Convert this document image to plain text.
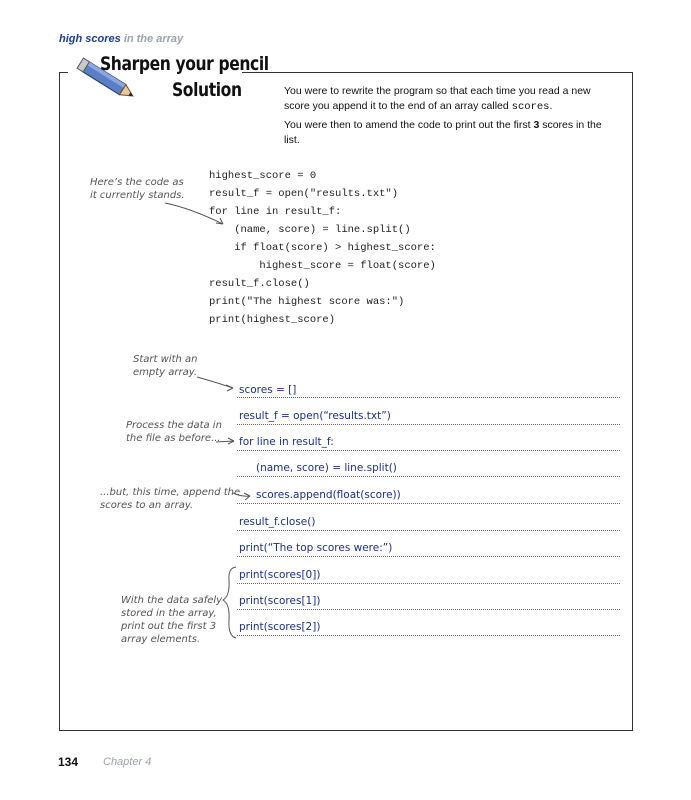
high scores in the array
Sharpen your pencil
Solution	You were to rewrite the program so that each time you read a new score you append it to the end of an array called scores.
You were then to amend the code to print out the first 3 scores in the list.
Here’s the code as
it currently stands.
highest_score = 0
result_f = open("results.txt")
for line in result_f:
(name, score) = line.split()
if float(score) > highest_score:
highest_score = float(score)
result_f.close()
print("The highest score was:")
print(highest_score)
Start with an
empty array.
Process the data in
the file as before...
...but, this time, append the
scores to an array.
With the data safely
stored in the array,
print out the first 3
array elements.
scores = []
result_f = open(“results.txt”)
for line in result_f:
(name, score) = line.split()
scores.append(float(score))
result_f.close()
print(“The top scores were:”)
print(scores[0])
print(scores[1])
print(scores[2])
134 Chapter 4
